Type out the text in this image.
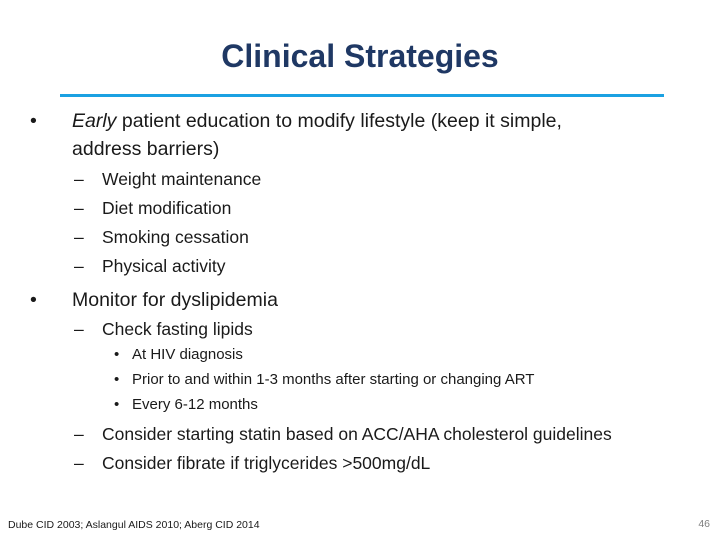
Clinical Strategies
• Early patient education to modify lifestyle (keep it simple,
address barriers)
– Weight maintenance
– Diet modification
– Smoking cessation
– Physical activity
• Monitor for dyslipidemia
– Check fasting lipids
• At HIV diagnosis
• Prior to and within 1-3 months after starting or changing ART
• Every 6-12 months
– Consider starting statin based on ACC/AHA cholesterol guidelines
– Consider fibrate if triglycerides >500mg/dL
Dube CID 2003; Aslangul AIDS 2010; Aberg CID 2014	46
